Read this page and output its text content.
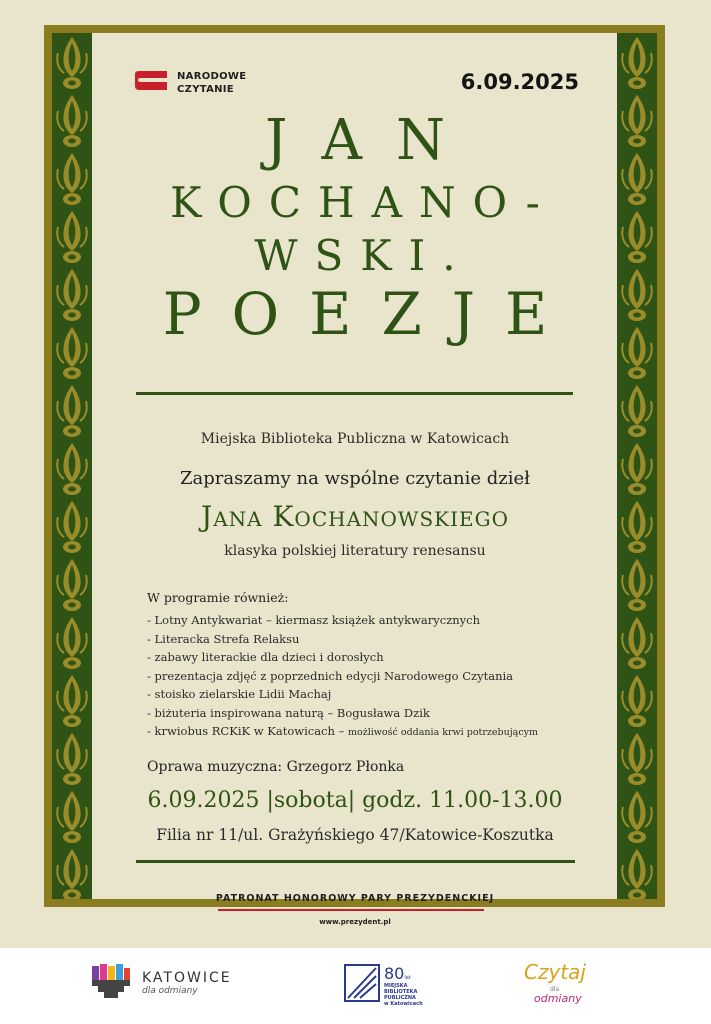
NARODOWE
CZYTANIE	6.09.2025
JAN
KOCHANO-
WSKI.
POEZJE
Miejska Biblioteka Publiczna w Katowicach
Zapraszamy na wspólne czytanie dzieł
Jana Kochanowskiego
klasyka polskiej literatury renesansu
W programie również:
- Lotny Antykwariat – kiermasz książek antykwarycznych
- Literacka Strefa Relaksu
- zabawy literackie dla dzieci i dorosłych
- prezentacja zdjęć z poprzednich edycji Narodowego Czytania
- stoisko zielarskie Lidii Machaj
- biżuteria inspirowana naturą – Bogusława Dzik
- krwiobus RCKiK w Katowicach – możliwość oddania krwi potrzebującym
Oprawa muzyczna: Grzegorz Płonka
6.09.2025 |sobota| godz. 11.00-13.00
Filia nr 11/ul. Grażyńskiego 47/Katowice-Koszutka
PATRONAT HONOROWY PARY PREZYDENCKIEJ
www.prezydent.pl
KATOWICE
dla odmiany
80lat
MIEJSKA
BIBLIOTEKA
PUBLICZNA
w Katowicach
Czytaj
dla
odmiany
